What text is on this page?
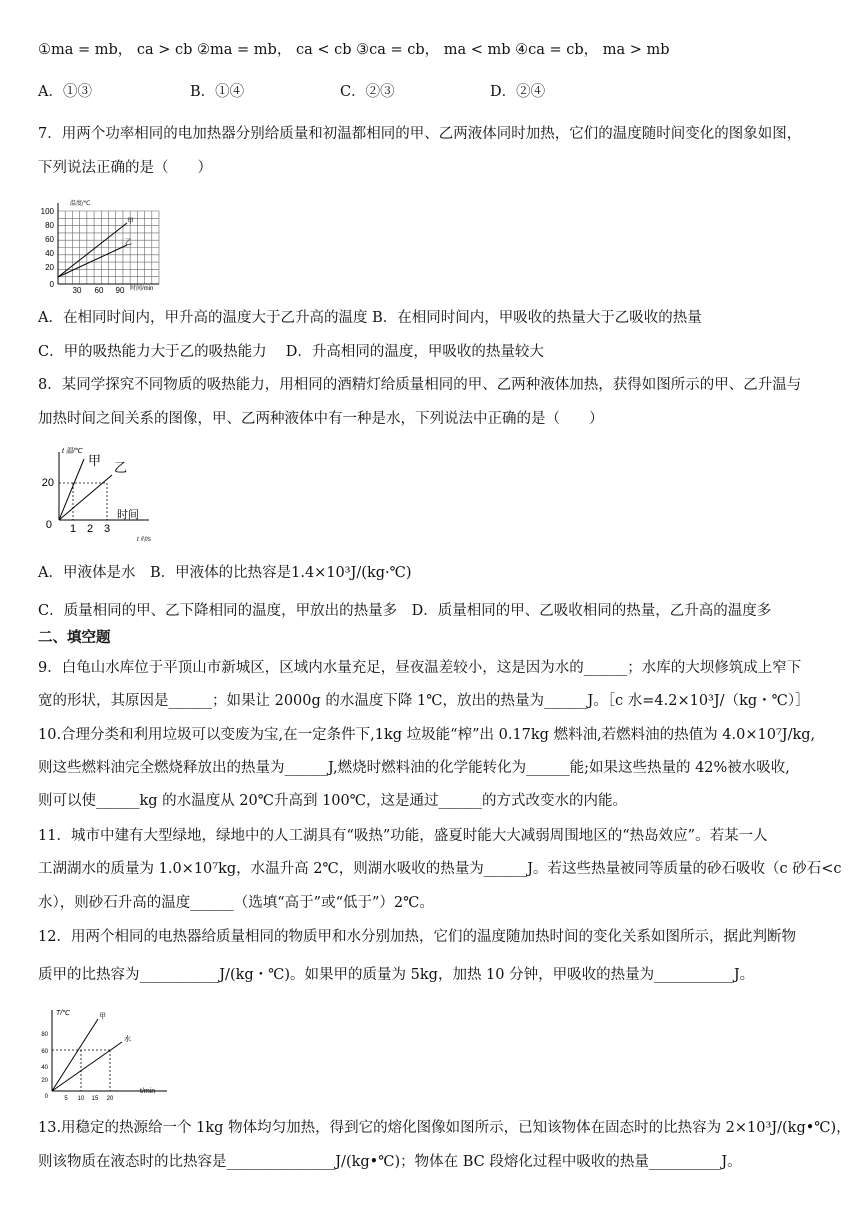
①ma = mb， ca > cb ②ma = mb， ca < cb ③ca = cb， ma < mb ④ca = cb， ma > mb
A．①③	B．①④	C．②③	D．②④
7．用两个功率相同的电加热器分别给质量和初温都相同的甲、乙两液体同时加热，它们的温度随时间变化的图象如图，
下列说法正确的是（　　）
温度/℃
100
80
60
40
20
0
30 60 90 时间/min
甲
乙
A．在相同时间内，甲升高的温度大于乙升高的温度 B．在相同时间内，甲吸收的热量大于乙吸收的热量
C．甲的吸热能力大于乙的吸热能力　 D．升高相同的温度，甲吸收的热量较大
8．某同学探究不同物质的吸热能力，用相同的酒精灯给质量相同的甲、乙两种液体加热，获得如图所示的甲、乙升温与
加热时间之间关系的图像，甲、乙两种液体中有一种是水，下列说法中正确的是（　　）
t 温/℃
20
0 1 2 3
时间
t 时/s
甲 乙
A．甲液体是水　B．甲液体的比热容是1.4×10³J/(kg·℃)
C．质量相同的甲、乙下降相同的温度，甲放出的热量多　D．质量相同的甲、乙吸收相同的热量，乙升高的温度多
二、填空题
9．白龟山水库位于平顶山市新城区，区域内水量充足，昼夜温差较小，这是因为水的______；水库的大坝修筑成上窄下
宽的形状，其原因是______；如果让 2000g 的水温度下降 1℃，放出的热量为______J。［c 水=4.2×10³J/（kg・℃）］
10.合理分类和利用垃圾可以变废为宝,在一定条件下,1kg 垃圾能“榨”出 0.17kg 燃料油,若燃料油的热值为 4.0×10⁷J/kg,
则这些燃料油完全燃烧释放出的热量为______J,燃烧时燃料油的化学能转化为______能;如果这些热量的 42%被水吸收,
则可以使______kg 的水温度从 20℃升高到 100℃，这是通过______的方式改变水的内能。
11．城市中建有大型绿地，绿地中的人工湖具有“吸热”功能，盛夏时能大大减弱周围地区的“热岛效应”。若某一人
工湖湖水的质量为 1.0×10⁷kg，水温升高 2℃，则湖水吸收的热量为______J。若这些热量被同等质量的砂石吸收（c 砂石<c
水），则砂石升高的温度______（选填“高于”或“低于”）2℃。
12．用两个相同的电热器给质量相同的物质甲和水分别加热，它们的温度随加热时间的变化关系如图所示，据此判断物
质甲的比热容为___________J/(kg・℃)。如果甲的质量为 5kg，加热 10 分钟，甲吸收的热量为___________J。
T/℃
80
60
40
20
0	5 10 15 20
t/min
甲
水
13.用稳定的热源给一个 1kg 物体均匀加热，得到它的熔化图像如图所示，已知该物体在固态时的比热容为 2×10³J/(kg•℃)，
则该物质在液态时的比热容是_______________J/(kg•℃)；物体在 BC 段熔化过程中吸收的热量__________J。
